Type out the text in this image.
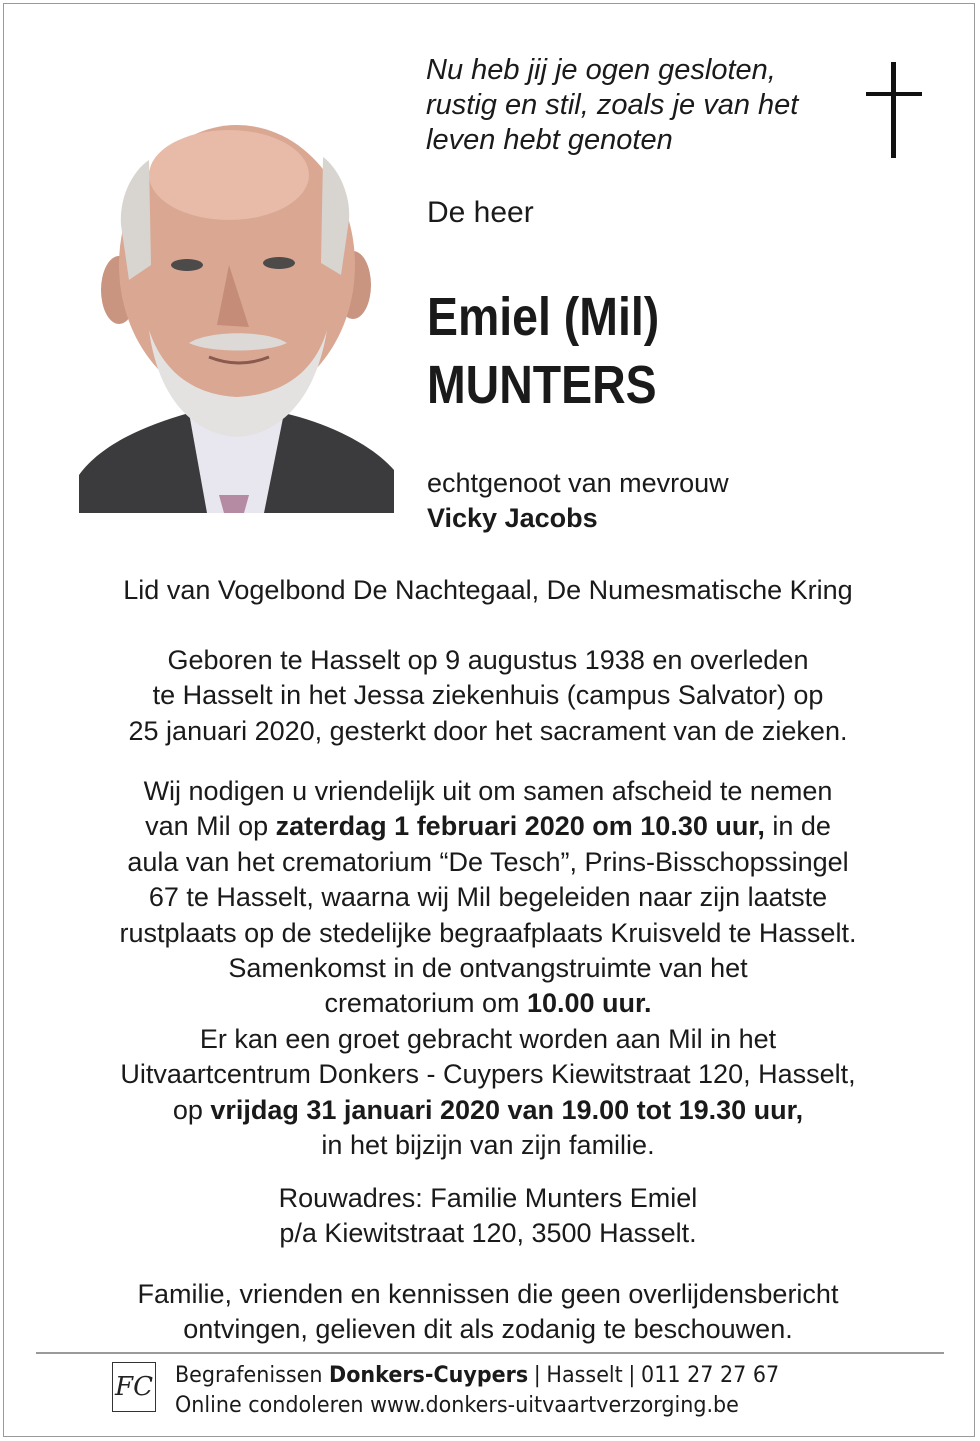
Nu heb jij je ogen gesloten,
rustig en stil, zoals je van het
leven hebt genoten
De heer
Emiel (Mil)
MUNTERS
echtgenoot van mevrouw
Vicky Jacobs
Lid van Vogelbond De Nachtegaal, De Numesmatische Kring
Geboren te Hasselt op 9 augustus 1938 en overleden
te Hasselt in het Jessa ziekenhuis (campus Salvator) op
25 januari 2020, gesterkt door het sacrament van de zieken.
Wij nodigen u vriendelijk uit om samen afscheid te nemen
van Mil op zaterdag 1 februari 2020 om 10.30 uur, in de
aula van het crematorium “De Tesch”, Prins-Bisschopssingel
67 te Hasselt, waarna wij Mil begeleiden naar zijn laatste
rustplaats op de stedelijke begraafplaats Kruisveld te Hasselt.
Samenkomst in de ontvangstruimte van het
crematorium om 10.00 uur.
Er kan een groet gebracht worden aan Mil in het
Uitvaartcentrum Donkers - Cuypers Kiewitstraat 120, Hasselt,
op vrijdag 31 januari 2020 van 19.00 tot 19.30 uur,
in het bijzijn van zijn familie.
Rouwadres: Familie Munters Emiel
p/a Kiewitstraat 120, 3500 Hasselt.
Familie, vrienden en kennissen die geen overlijdensbericht
ontvingen, gelieven dit als zodanig te beschouwen.
FC Begrafenissen Donkers-Cuypers | Hasselt | 011 27 27 67
Online condoleren www.donkers-uitvaartverzorging.be
